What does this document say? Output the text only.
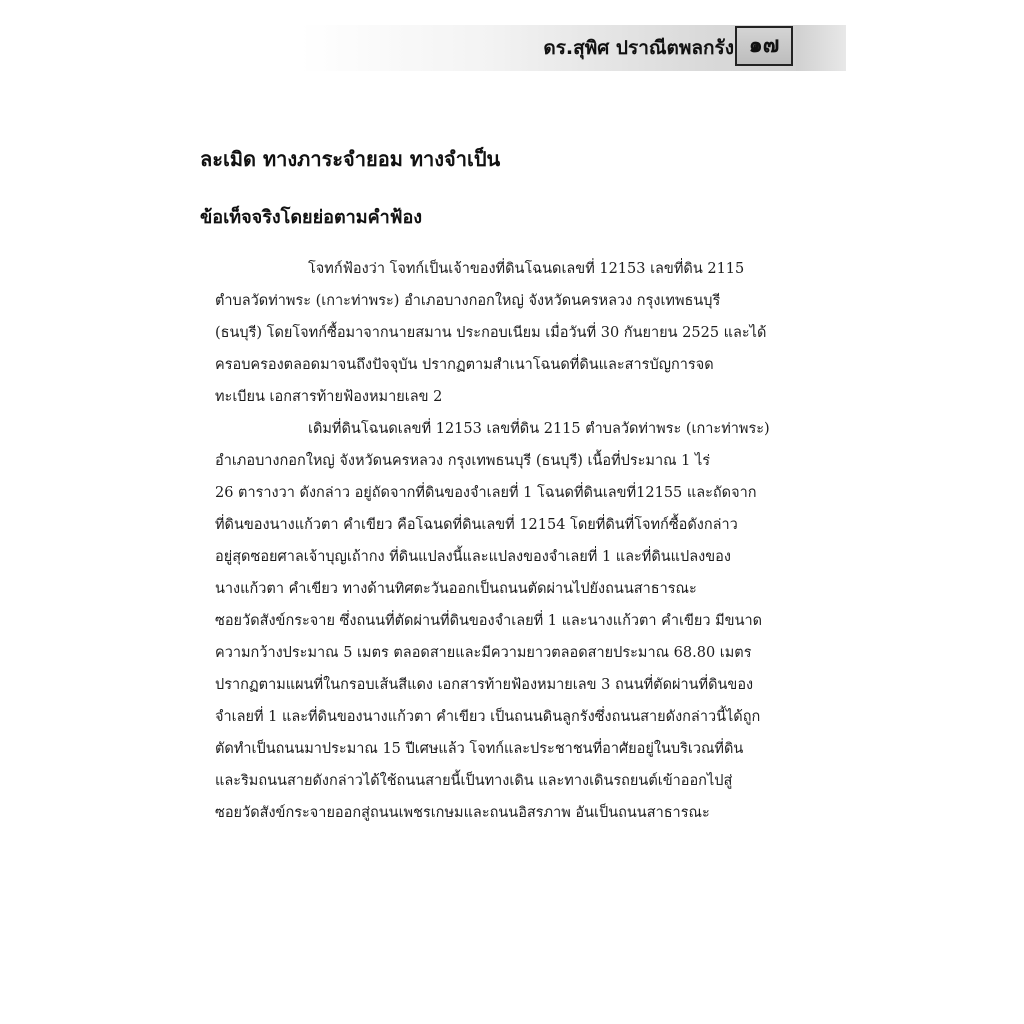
ดร.สุพิศ ปราณีตพลกรัง ๑๗
ละเมิด ทางภาระจำยอม ทางจำเป็น
ข้อเท็จจริงโดยย่อตามคำฟ้อง
โจทก์ฟ้องว่า โจทก์เป็นเจ้าของที่ดินโฉนดเลขที่ 12153 เลขที่ดิน 2115
ตำบลวัดท่าพระ (เกาะท่าพระ) อำเภอบางกอกใหญ่ จังหวัดนครหลวง กรุงเทพธนบุรี
(ธนบุรี) โดยโจทก์ซื้อมาจากนายสมาน ประกอบเนียม เมื่อวันที่ 30 กันยายน 2525 และได้
ครอบครองตลอดมาจนถึงปัจจุบัน ปรากฏตามสำเนาโฉนดที่ดินและสารบัญการจด
ทะเบียน เอกสารท้ายฟ้องหมายเลข 2
เดิมที่ดินโฉนดเลขที่ 12153 เลขที่ดิน 2115 ตำบลวัดท่าพระ (เกาะท่าพระ)
อำเภอบางกอกใหญ่ จังหวัดนครหลวง กรุงเทพธนบุรี (ธนบุรี) เนื้อที่ประมาณ 1 ไร่
26 ตารางวา ดังกล่าว อยู่ถัดจากที่ดินของจำเลยที่ 1 โฉนดที่ดินเลขที่12155 และถัดจาก
ที่ดินของนางแก้วตา คำเขียว คือโฉนดที่ดินเลขที่ 12154 โดยที่ดินที่โจทก์ซื้อดังกล่าว
อยู่สุดซอยศาลเจ้าบุญเถ้ากง ที่ดินแปลงนี้และแปลงของจำเลยที่ 1 และที่ดินแปลงของ
นางแก้วตา คำเขียว ทางด้านทิศตะวันออกเป็นถนนตัดผ่านไปยังถนนสาธารณะ
ซอยวัดสังข์กระจาย ซึ่งถนนที่ตัดผ่านที่ดินของจำเลยที่ 1 และนางแก้วตา คำเขียว มีขนาด
ความกว้างประมาณ 5 เมตร ตลอดสายและมีความยาวตลอดสายประมาณ 68.80 เมตร
ปรากฏตามแผนที่ในกรอบเส้นสีแดง เอกสารท้ายฟ้องหมายเลข 3 ถนนที่ตัดผ่านที่ดินของ
จำเลยที่ 1 และที่ดินของนางแก้วตา คำเขียว เป็นถนนดินลูกรังซึ่งถนนสายดังกล่าวนี้ได้ถูก
ตัดทำเป็นถนนมาประมาณ 15 ปีเศษแล้ว โจทก์และประชาชนที่อาศัยอยู่ในบริเวณที่ดิน
และริมถนนสายดังกล่าวได้ใช้ถนนสายนี้เป็นทางเดิน และทางเดินรถยนต์เข้าออกไปสู่
ซอยวัดสังข์กระจายออกสู่ถนนเพชรเกษมและถนนอิสรภาพ อันเป็นถนนสาธารณะ
